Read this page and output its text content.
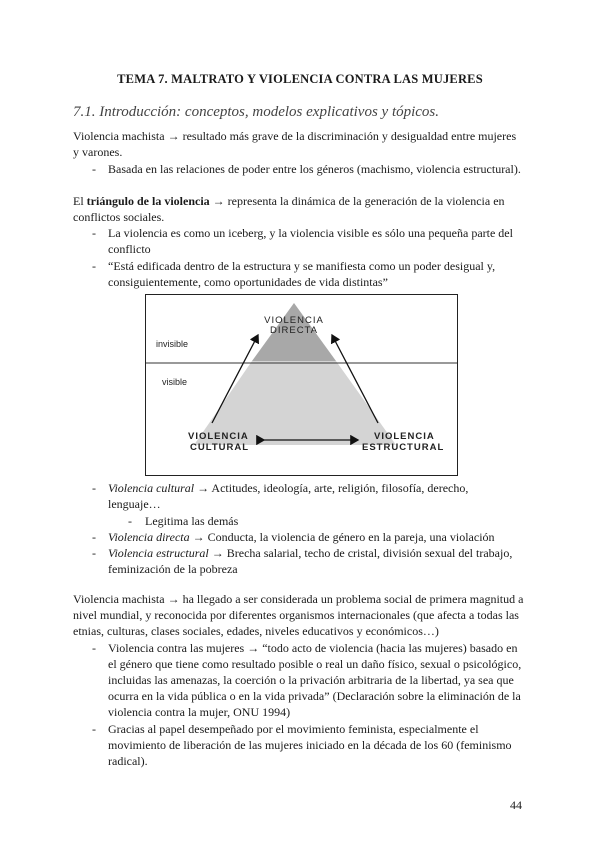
TEMA 7. MALTRATO Y VIOLENCIA CONTRA LAS MUJERES
7.1. Introducción: conceptos, modelos explicativos y tópicos.
Violencia machista → resultado más grave de la discriminación y desigualdad entre mujeres
y varones.
- Basada en las relaciones de poder entre los géneros (machismo, violencia estructural).
El triángulo de la violencia → representa la dinámica de la generación de la violencia en
conflictos sociales.
- La violencia es como un iceberg, y la violencia visible es sólo una pequeña parte del
conflicto
- “Está edificada dentro de la estructura y se manifiesta como un poder desigual y,
consiguientemente, como oportunidades de vida distintas”
VIOLENCIA
DIRECTA
invisible
visible
VIOLENCIA
CULTURAL
VIOLENCIA
ESTRUCTURAL
- Violencia cultural → Actitudes, ideología, arte, religión, filosofía, derecho,
lenguaje…
- Legitima las demás
- Violencia directa → Conducta, la violencia de género en la pareja, una violación
- Violencia estructural → Brecha salarial, techo de cristal, división sexual del trabajo,
feminización de la pobreza
Violencia machista → ha llegado a ser considerada un problema social de primera magnitud a
nivel mundial, y reconocida por diferentes organismos internacionales (que afecta a todas las
etnias, culturas, clases sociales, edades, niveles educativos y económicos…)
- Violencia contra las mujeres → “todo acto de violencia (hacia las mujeres) basado en
el género que tiene como resultado posible o real un daño físico, sexual o psicológico,
incluidas las amenazas, la coerción o la privación arbitraria de la libertad, ya sea que
ocurra en la vida pública o en la vida privada” (Declaración sobre la eliminación de la
violencia contra la mujer, ONU 1994)
- Gracias al papel desempeñado por el movimiento feminista, especialmente el
movimiento de liberación de las mujeres iniciado en la década de los 60 (feminismo
radical).
44
